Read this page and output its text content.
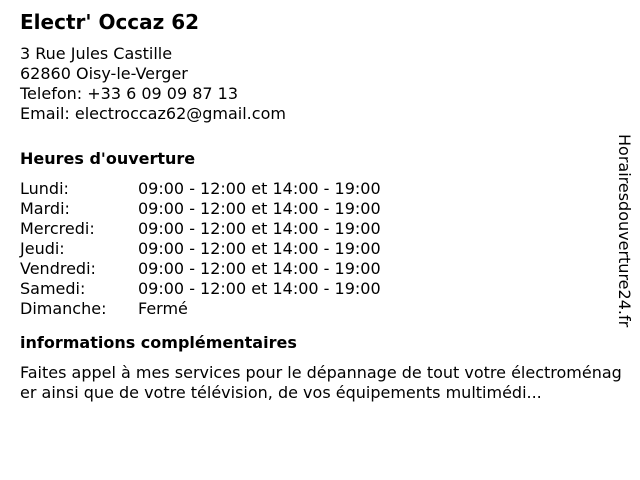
Electr' Occaz 62
3 Rue Jules Castille
62860 Oisy-le-Verger
Telefon: +33 6 09 09 87 13
Email: electroccaz62@gmail.com
Heures d'ouverture
Lundi:	09:00 - 12:00 et 14:00 - 19:00
Mardi:	09:00 - 12:00 et 14:00 - 19:00
Mercredi:	09:00 - 12:00 et 14:00 - 19:00
Jeudi:	09:00 - 12:00 et 14:00 - 19:00
Vendredi:	09:00 - 12:00 et 14:00 - 19:00
Samedi:	09:00 - 12:00 et 14:00 - 19:00
Dimanche:	Fermé
informations complémentaires

Faites appel à mes services pour le dépannage de tout votre électroménager ainsi que de votre télévision, de vos équipements multimédi...

Horairesdouverture24.fr
